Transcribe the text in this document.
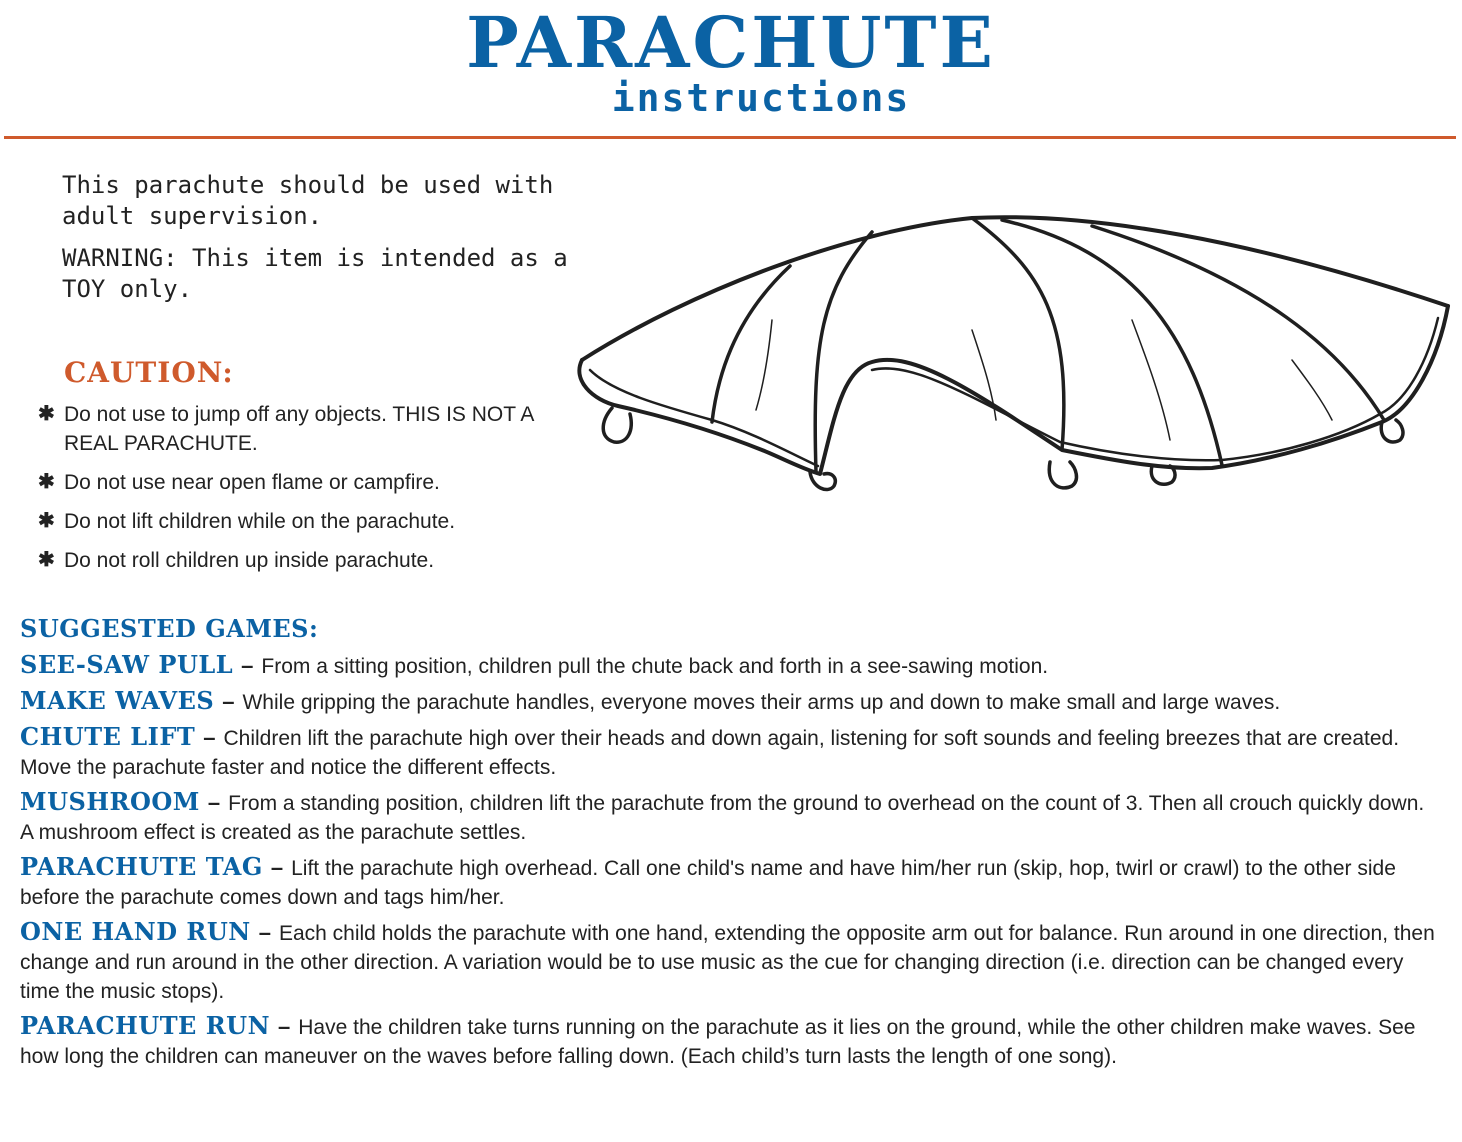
PARACHUTE
instructions
This parachute should be used with adult supervision.
WARNING: This item is intended as a TOY only.
CAUTION:
✱ Do not use to jump off any objects. THIS IS NOT A REAL PARACHUTE.
✱ Do not use near open flame or campfire.
✱ Do not lift children while on the parachute.
✱ Do not roll children up inside parachute.
SUGGESTED GAMES:
SEE-SAW PULL – From a sitting position, children pull the chute back and forth in a see-sawing motion.
MAKE WAVES – While gripping the parachute handles, everyone moves their arms up and down to make small and large waves.
CHUTE LIFT – Children lift the parachute high over their heads and down again, listening for soft sounds and feeling breezes that are created. Move the parachute faster and notice the different effects.
MUSHROOM – From a standing position, children lift the parachute from the ground to overhead on the count of 3. Then all crouch quickly down. A mushroom effect is created as the parachute settles.
PARACHUTE TAG – Lift the parachute high overhead. Call one child's name and have him/her run (skip, hop, twirl or crawl) to the other side before the parachute comes down and tags him/her.
ONE HAND RUN – Each child holds the parachute with one hand, extending the opposite arm out for balance. Run around in one direction, then change and run around in the other direction. A variation would be to use music as the cue for changing direction (i.e. direction can be changed every time the music stops).
PARACHUTE RUN – Have the children take turns running on the parachute as it lies on the ground, while the other children make waves. See how long the children can maneuver on the waves before falling down. (Each child’s turn lasts the length of one song).
